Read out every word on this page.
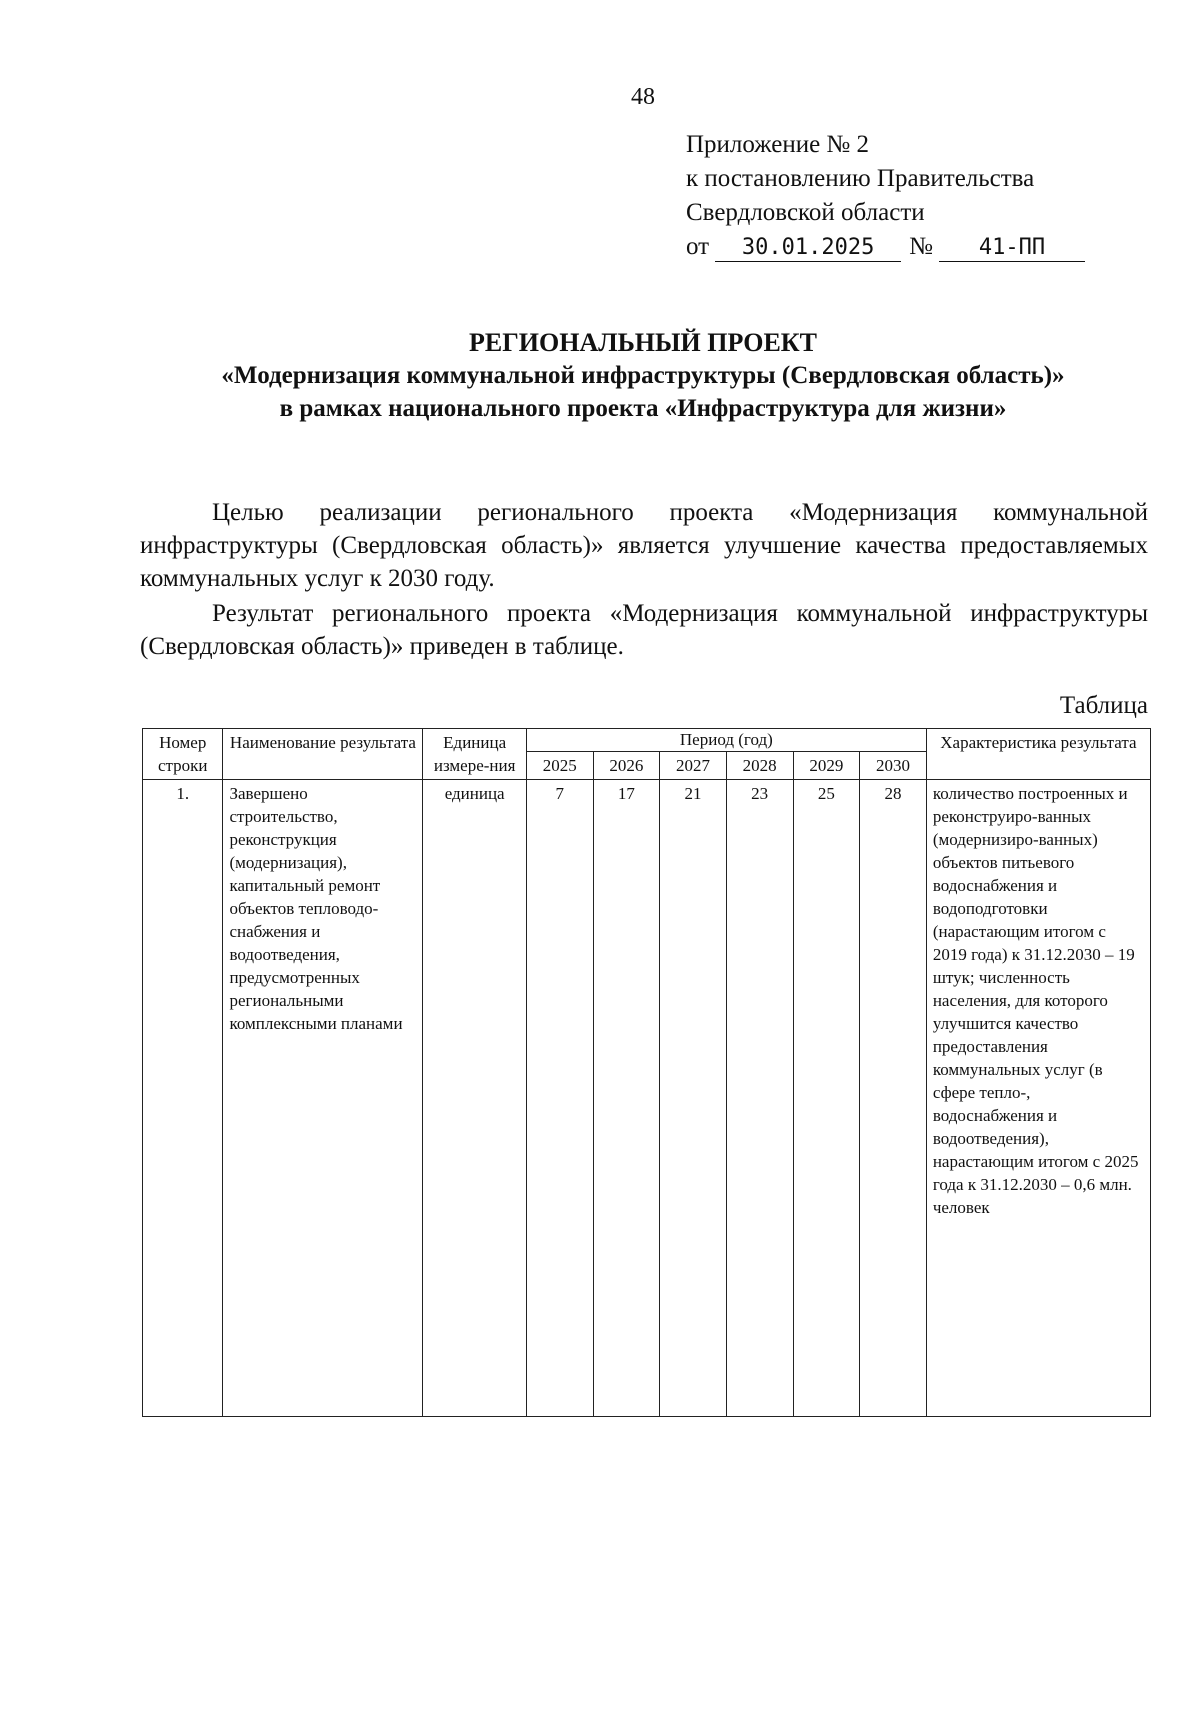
48
Приложение № 2
к постановлению Правительства
Свердловской области
от 30.01.2025 № 41-ПП
РЕГИОНАЛЬНЫЙ ПРОЕКТ
«Модернизация коммунальной инфраструктуры (Свердловская область)»
в рамках национального проекта «Инфраструктура для жизни»

Целью реализации регионального проекта «Модернизация коммунальной инфраструктуры (Свердловская область)» является улучшение качества предоставляемых коммунальных услуг к 2030 году.

Результат регионального проекта «Модернизация коммунальной инфраструктуры (Свердловская область)» приведен в таблице.

Таблица
Номер строки	Наименование результата	Единица измере-ния	Период (год)						Характеристика результата
			2025	2026	2027	2028	2029	2030	
1.	Завершено строительство, реконструкция (модернизация), капитальный ремонт объектов тепловодо-снабжения и водоотведения, предусмотренных региональными комплексными планами	единица	7	17	21	23	25	28	количество построенных и реконструиро-ванных (модернизиро-ванных) объектов питьевого водоснабжения и водоподготовки (нарастающим итогом с 2019 года) к 31.12.2030 – 19 штук; численность населения, для которого улучшится качество предоставления коммунальных услуг (в сфере тепло-, водоснабжения и водоотведения), нарастающим итогом с 2025 года к 31.12.2030 – 0,6 млн. человек
